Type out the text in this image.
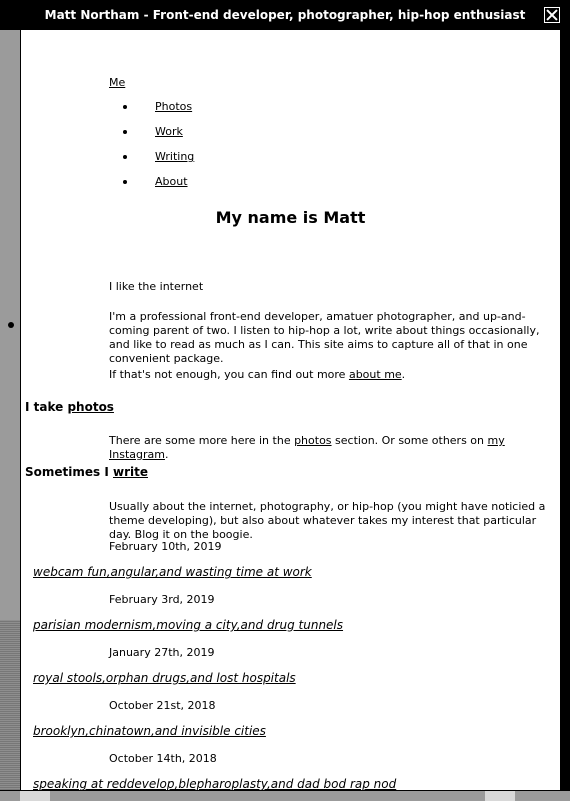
Matt Northam - Front-end developer, photographer, hip-hop enthusiast
Me
Photos
Work
Writing
About
My name is Matt
I like the internet
I'm a professional front-end developer, amatuer photographer, and up-and-coming parent of two. I listen to hip-hop a lot, write about things occasionally, and like to read as much as I can. This site aims to capture all of that in one convenient package.
If that's not enough, you can find out more about me.
I take photos
There are some more here in the photos section. Or some others on my Instagram.
Sometimes I write
Usually about the internet, photography, or hip-hop (you might have noticied a theme developing), but also about whatever takes my interest that particular day. Blog it on the boogie.
February 10th, 2019
webcam fun,angular,and wasting time at work
February 3rd, 2019
parisian modernism,moving a city,and drug tunnels
January 27th, 2019
royal stools,orphan drugs,and lost hospitals
October 21st, 2018
brooklyn,chinatown,and invisible cities
October 14th, 2018
speaking at reddevelop,blepharoplasty,and dad bod rap nod
